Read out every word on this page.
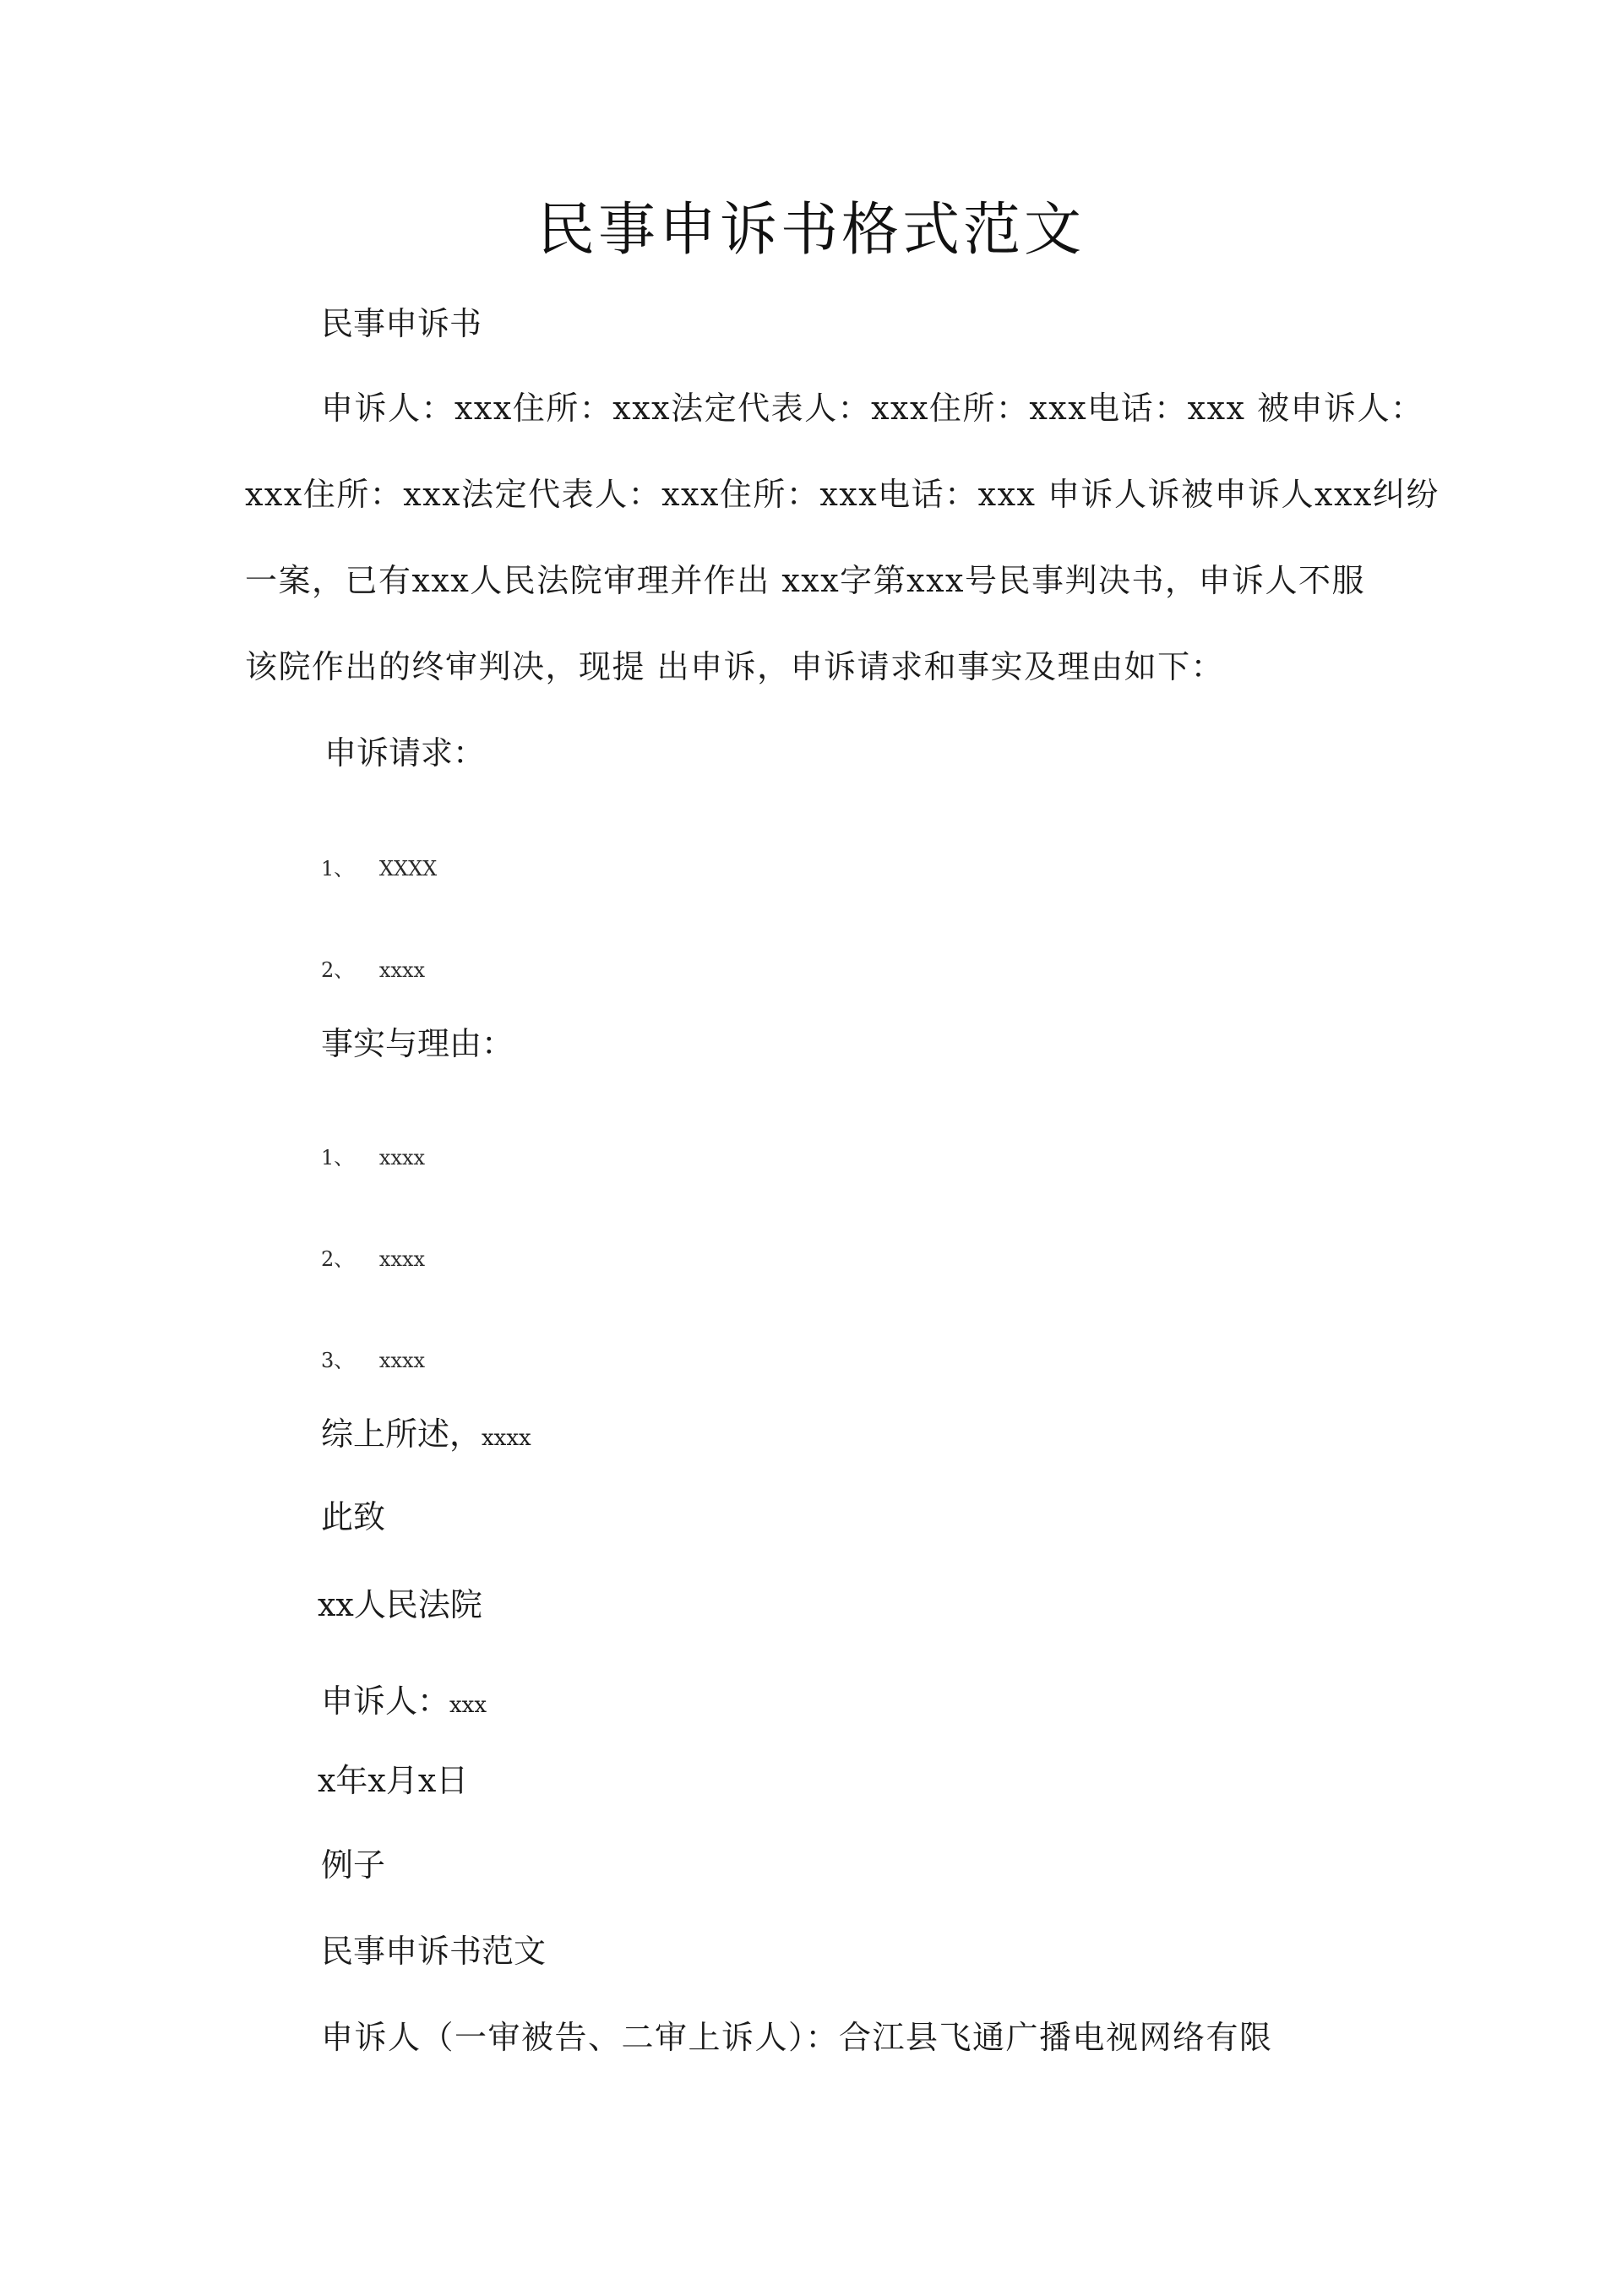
民事申诉书格式范文
民事申诉书
申诉人：xxx住所：xxx法定代表人：xxx住所：xxx电话：xxx 被申诉人：
xxx住所：xxx法定代表人：xxx住所：xxx电话：xxx 申诉人诉被申诉人xxx纠纷
一案，已有xxx人民法院审理并作出 xxx字第xxx号民事判决书，申诉人不服
该院作出的终审判决，现提 出申诉，申诉请求和事实及理由如下：
申诉请求：
1、 XXXX
2、 xxxx
事实与理由：
1、 xxxx
2、 xxxx
3、 xxxx
综上所述，xxxx
此致
xx人民法院
申诉人：xxx
x年x月x日
例子
民事申诉书范文
申诉人（一审被告、二审上诉人）：合江县飞通广播电视网络有限
